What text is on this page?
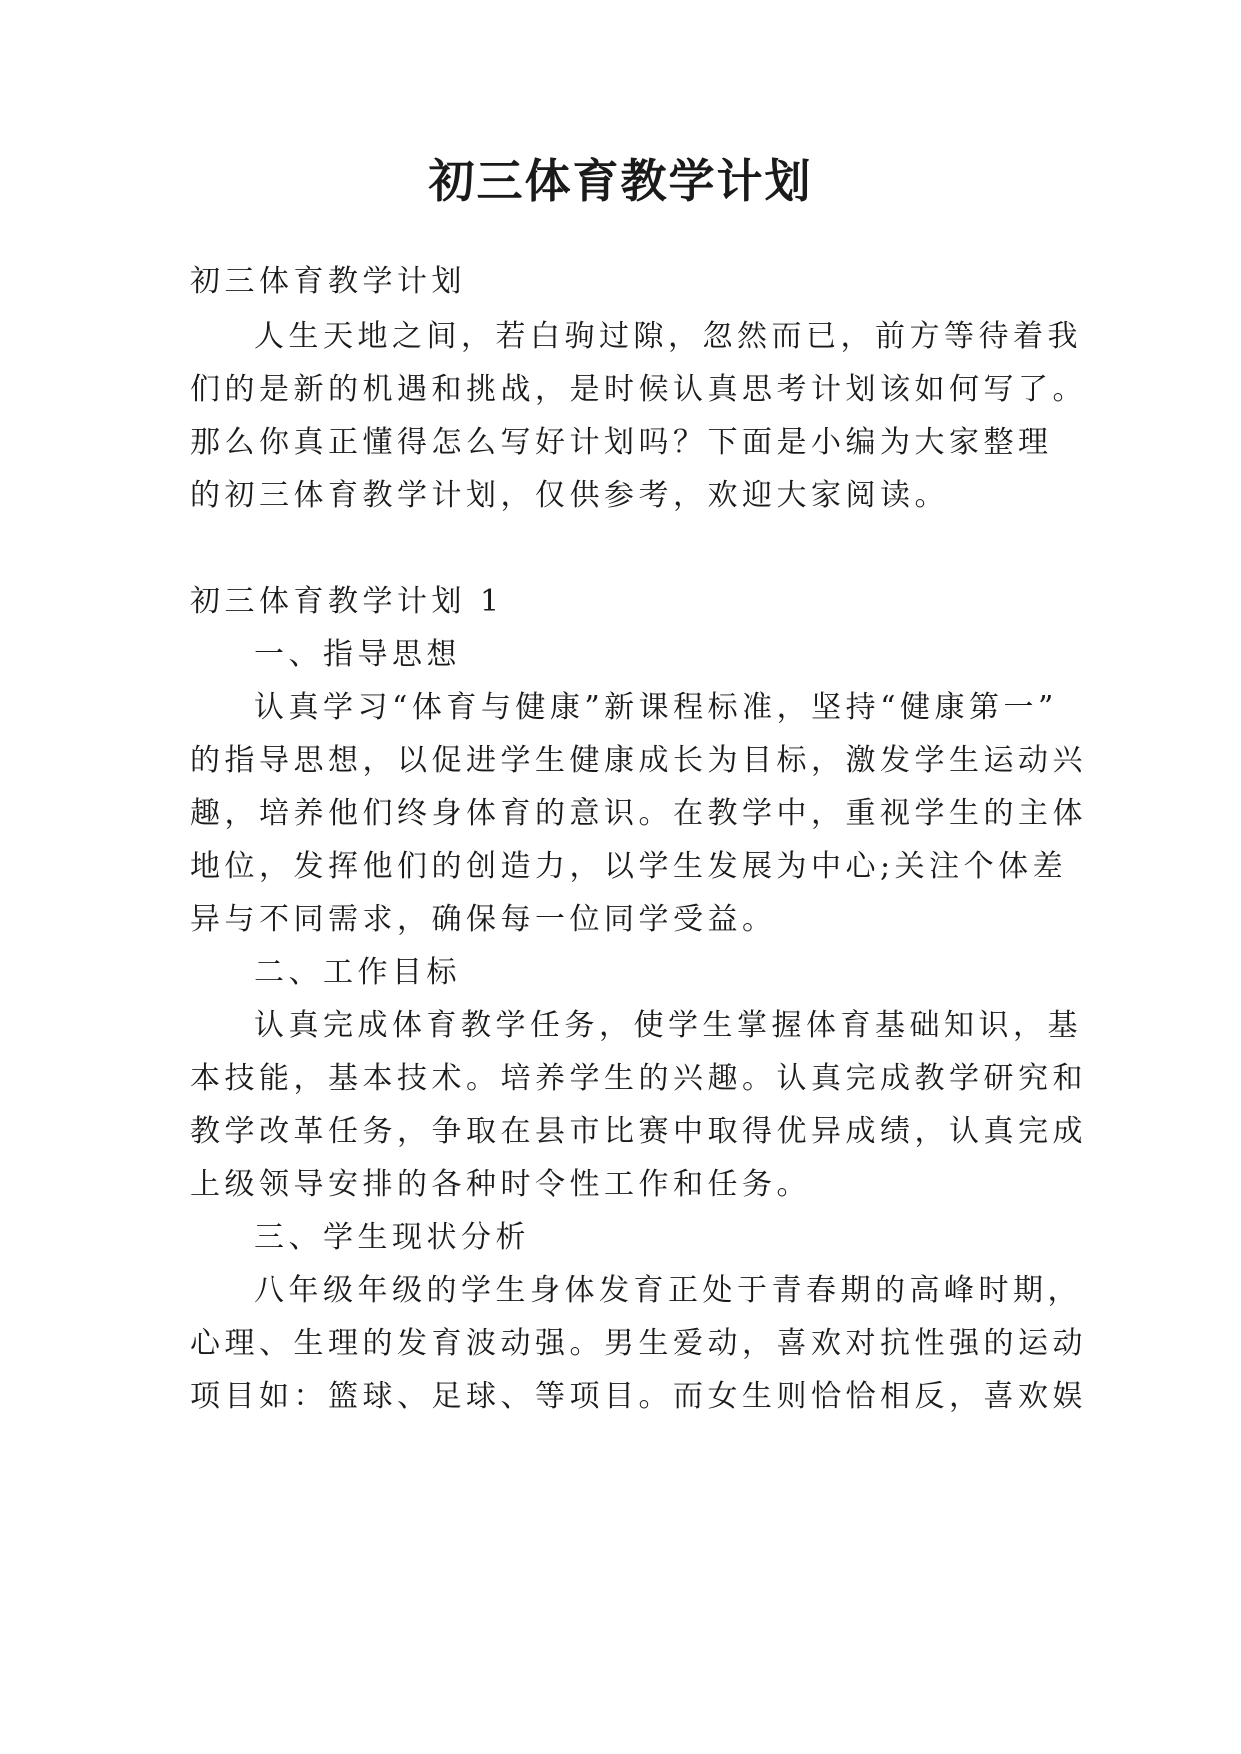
初三体育教学计划
初三体育教学计划
人生天地之间，若白驹过隙，忽然而已，前方等待着我
们的是新的机遇和挑战，是时候认真思考计划该如何写了。
那么你真正懂得怎么写好计划吗？下面是小编为大家整理
的初三体育教学计划，仅供参考，欢迎大家阅读。
初三体育教学计划 1
一、指导思想
认真学习“体育与健康”新课程标准，坚持“健康第一”
的指导思想，以促进学生健康成长为目标，激发学生运动兴
趣，培养他们终身体育的意识。在教学中，重视学生的主体
地位，发挥他们的创造力，以学生发展为中心;关注个体差
异与不同需求，确保每一位同学受益。
二、工作目标
认真完成体育教学任务，使学生掌握体育基础知识，基
本技能，基本技术。培养学生的兴趣。认真完成教学研究和
教学改革任务，争取在县市比赛中取得优异成绩，认真完成
上级领导安排的各种时令性工作和任务。
三、学生现状分析
八年级年级的学生身体发育正处于青春期的高峰时期，
心理、生理的发育波动强。男生爱动，喜欢对抗性强的运动
项目如：篮球、足球、等项目。而女生则恰恰相反，喜欢娱
